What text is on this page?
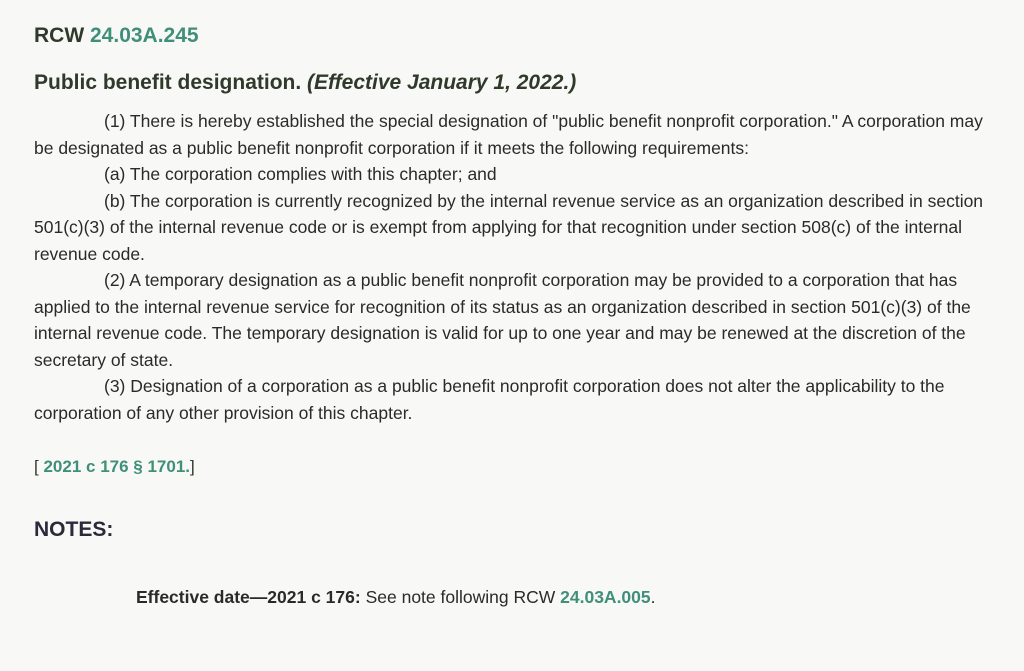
RCW 24.03A.245
Public benefit designation. (Effective January 1, 2022.)

(1) There is hereby established the special designation of "public benefit nonprofit corporation." A corporation may be designated as a public benefit nonprofit corporation if it meets the following requirements:

(a) The corporation complies with this chapter; and

(b) The corporation is currently recognized by the internal revenue service as an organization described in section 501(c)(3) of the internal revenue code or is exempt from applying for that recognition under section 508(c) of the internal revenue code.

(2) A temporary designation as a public benefit nonprofit corporation may be provided to a corporation that has applied to the internal revenue service for recognition of its status as an organization described in section 501(c)(3) of the internal revenue code. The temporary designation is valid for up to one year and may be renewed at the discretion of the secretary of state.

(3) Designation of a corporation as a public benefit nonprofit corporation does not alter the applicability to the corporation of any other provision of this chapter.

[ 2021 c 176 § 1701.]
NOTES:
Effective date—2021 c 176: See note following RCW 24.03A.005.
